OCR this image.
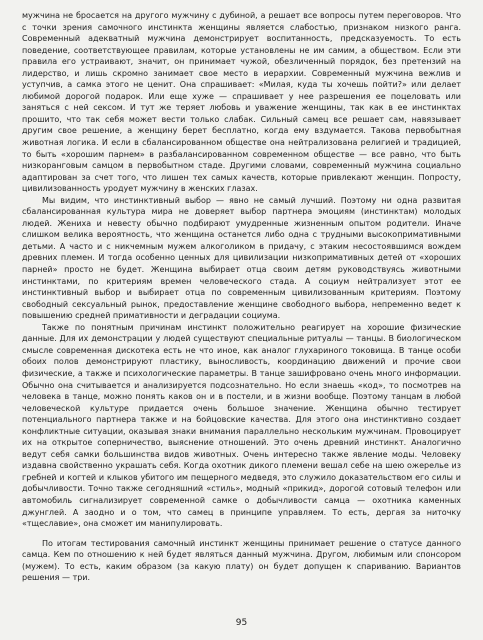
мужчина не бросается на другого мужчину с дубиной, а решает все вопросы путем переговоров. Что с точки зрения самочного инстинкта женщины является слабостью, признаком низкого ранга. Современный адекватный мужчина демонстрирует воспитанность, предсказуемость. То есть поведение, соответствующее правилам, которые установлены не им самим, а обществом. Если эти правила его устраивают, значит, он принимает чужой, обезличенный порядок, без претензий на лидерство, и лишь скромно занимает свое место в иерархии. Современный мужчина вежлив и уступчив, а самка этого не ценит. Она спрашивает: «Милая, куда ты хочешь пойти?» или делает любимой дорогой подарок. Или еще хуже — спрашивает у нее разрешения ее поцеловать или заняться с ней сексом. И тут же теряет любовь и уважение женщины, так как в ее инстинктах прошито, что так себя может вести только слабак. Сильный самец все решает сам, навязывает другим свое решение, а женщину берет бесплатно, когда ему вздумается. Такова первобытная животная логика. И если в сбалансированном обществе она нейтрализована религией и традицией, то быть «хорошим парнем» в разбалансированном современном обществе — все равно, что быть низкоранговым самцом в первобытном стаде. Другими словами, современный мужчина социально адаптирован за счет того, что лишен тех самых качеств, которые привлекают женщин. Попросту, цивилизованность уродует мужчину в женских глазах.

Мы видим, что инстинктивный выбор — явно не самый лучший. Поэтому ни одна развитая сбалансированная культура мира не доверяет выбор партнера эмоциям (инстинктам) молодых людей. Жениха и невесту обычно подбирают умудренные жизненным опытом родители. Иначе слишком велика вероятность, что женщина останется либо одна с трудными высокопримативными детьми. А часто и с никчемным мужем алкоголиком в придачу, с этаким несостоявшимся вождем древних племен. И тогда особенно ценных для цивилизации низкопримативных детей от «хороших парней» просто не будет. Женщина выбирает отца своим детям руководствуясь животными инстинктами, по критериям времен человеческого стада. А социум нейтрализует этот ее инстинктивный выбор и выбирает отца по современным цивилизованным критериям. Поэтому свободный сексуальный рынок, предоставление женщине свободного выбора, непременно ведет к повышению средней примативности и деградации социума.

Также по понятным причинам инстинкт положительно реагирует на хорошие физические данные. Для их демонстрации у людей существуют специальные ритуалы — танцы. В биологическом смысле современная дискотека есть не что иное, как аналог глухариного токовища. В танце особи обоих полов демонстрируют пластику, выносливость, координацию движений и прочие свои физические, а также и психологические параметры. В танце зашифровано очень много информации. Обычно она считывается и анализируется подсознательно. Но если знаешь «код», то посмотрев на человека в танце, можно понять каков он и в постели, и в жизни вообще. Поэтому танцам в любой человеческой культуре придается очень большое значение. Женщина обычно тестирует потенциального партнера также и на бойцовские качества. Для этого она инстинктивно создает конфликтные ситуации, оказывая знаки внимания параллельно нескольким мужчинам. Провоцирует их на открытое соперничество, выяснение отношений. Это очень древний инстинкт. Аналогично ведут себя самки большинства видов животных. Очень интересно также явление моды. Человеку издавна свойственно украшать себя. Когда охотник дикого племени вешал себе на шею ожерелье из гребней и когтей и клыков убитого им пещерного медведя, это служило доказательством его силы и добычливости. Точно также сегодняшний «стиль», модный «прикид», дорогой сотовый телефон или автомобиль сигнализирует современной самке о добычливости самца — охотника каменных джунглей. А заодно и о том, что самец в принципе управляем. То есть, дергая за ниточку «тщеславие», она сможет им манипулировать.

По итогам тестирования самочный инстинкт женщины принимает решение о статусе данного самца. Кем по отношению к ней будет являться данный мужчина. Другом, любимым или спонсором (мужем). То есть, каким образом (за какую плату) он будет допущен к спариванию. Вариантов решения — три.

95
